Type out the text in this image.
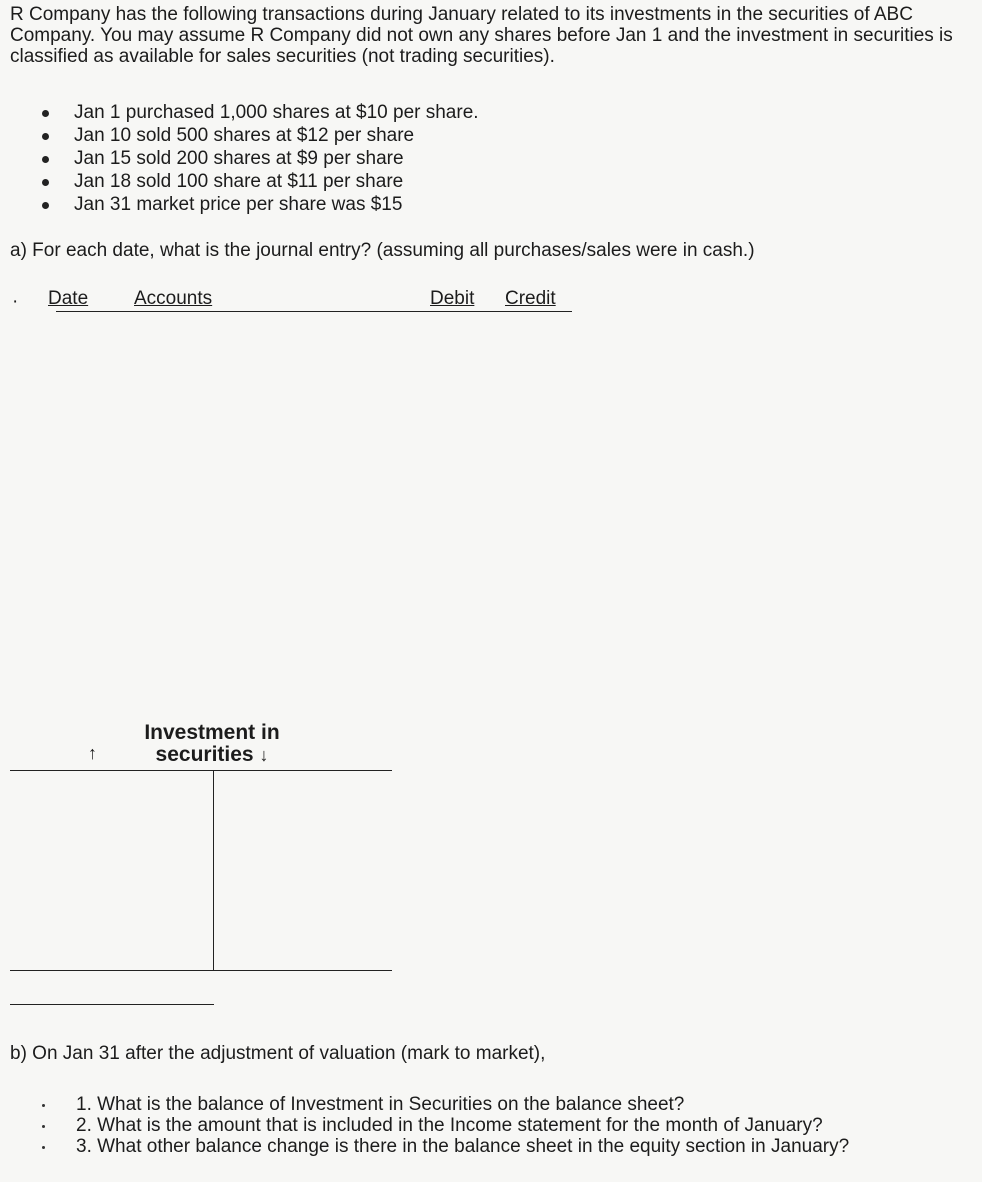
R Company has the following transactions during January related to its investments in the securities of ABC Company. You may assume R Company did not own any shares before Jan 1 and the investment in securities is classified as available for sales securities (not trading securities).

Jan 1 purchased 1,000 shares at $10 per share.
Jan 10 sold 500 shares at $12 per share
Jan 15 sold 200 shares at $9 per share
Jan 18 sold 100 share at $11 per share
Jan 31 market price per share was $15

a) For each date, what is the journal entry? (assuming all purchases/sales were in cash.)

· Date Accounts	Debit Credit
Investment in
securities ↓
↑

b) On Jan 31 after the adjustment of valuation (mark to market),

1. What is the balance of Investment in Securities on the balance sheet?
2. What is the amount that is included in the Income statement for the month of January?
3. What other balance change is there in the balance sheet in the equity section in January?
